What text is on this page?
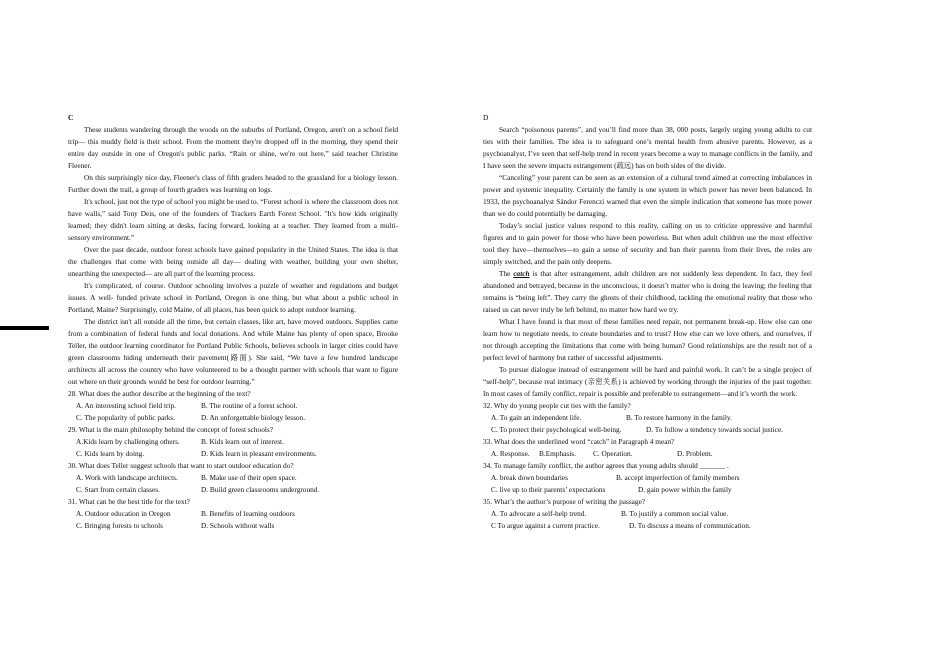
C

These students wandering through the woods on the suburbs of Portland, Oregon, aren't on a school field trip— this muddy field is their school. From the moment they're dropped off in the morning, they spend their entire day outside in one of Oregon's public parks. “Rain or shine, we're out here,” said teacher Christine Fleener.

On this surprisingly nice day, Fleener's class of fifth graders headed to the grassland for a biology lesson. Further down the trail, a group of fourth graders was learning on logs.

It's school, just not the type of school you might be used to. “Forest school is where the classroom does not have walls,” said Tony Deis, one of the founders of Trackers Earth Forest School. "It's how kids originally learned; they didn't learn sitting at desks, facing forward, looking at a teacher. They learned from a multi- sensory environment.”

Over the past decade, outdoor forest schools have gained popularity in the United States. The idea is that the challenges that come with being outside all day— dealing with weather, building your own shelter, unearthing the unexpected— are all part of the learning process.

It's complicated, of course. Outdoor schooling involves a puzzle of weather and regulations and budget issues. A well- funded private school in Portland, Oregon is one thing, but what about a public school in Portland, Maine? Surprisingly, cold Maine, of all places, has been quick to adopt outdoor learning.

The district isn't all outside all the time, but certain classes, like art, have moved outdoors. Supplies came from a combination of federal funds and local donations. And while Maine has plenty of open space, Brooke Teller, the outdoor learning coordinator for Portland Public Schools, believes schools in larger cities could have green classrooms hiding underneath their pavement(路面). She said, “We have a few hundred landscape architects all across the country who have volunteered to be a thought partner with schools that want to figure out where on their grounds would be best for outdoor learning.”

28. What does the author describe at the beginning of the text?

A. An interesting school field trip.	B. The routine of a forest school.

C. The popularity of public parks.	D. An unforgettable biology lesson.

29. What is the main philosophy behind the concept of forest schools?

A.Kids learn by challenging others.	B. Kids learn out of interest.

C. Kids learn by doing.	D. Kids learn in pleasant environments.

30. What does Teller suggest schools that want to start outdoor education do?

A. Work with landscape architects.	B. Make use of their open space.

C. Start from certain classes.	D. Build green classrooms underground.

31. What can be the best title for the text?

A. Outdoor education in Oregon	B. Benefits of learning outdoors

C. Bringing forests to schools	D. Schools without walls

D

Search “poisonous parents”, and you’ll find more than 38, 000 posts, largely urging young adults to cut ties with their families. The idea is to safeguard one’s mental health from abusive parents. However, as a psychoanalyst, I’ve seen that self-help trend in recent years become a way to manage conflicts in the family, and I have seen the severe impacts estrangement (疏远) has on both sides of the divide.

“Canceling” your parent can be seen as an extension of a cultural trend aimed at correcting imbalances in power and systemic inequality. Certainly the family is one system in which power has never been balanced. In 1933, the psychoanalyst Sándor Ferenczi warned that even the simple indication that someone has more power than we do could potentially be damaging.

Today’s social justice values respond to this reality, calling on us to criticize oppressive and harmful figures and to gain power for those who have been powerless. But when adult children use the most effective tool they have—themselves—to gain a sense of security and ban their parents from their lives, the roles are simply switched, and the pain only deepens.

The catch is that after estrangement, adult children are not suddenly less dependent. In fact, they feel abandoned and betrayed, because in the unconscious, it doesn’t matter who is doing the leaving; the feeling that remains is “being left”. They carry the ghosts of their childhood, tackling the emotional reality that those who raised us can never truly be left behind, no matter how hard we try.

What I have found is that most of these families need repair, not permanent break-up. How else can one learn how to negotiate needs, to create boundaries and to trust? How else can we love others, and ourselves, if not through accepting the limitations that come with being human? Good relationships are the result not of a perfect level of harmony but rather of successful adjustments.

To pursue dialogue instead of estrangement will be hard and painful work. It can’t be a single project of “self-help”, because real intimacy (亲密关系) is achieved by working through the injuries of the past together. In most cases of family conflict, repair is possible and preferable to estrangement—and it’s worth the work.

32. Why do young people cut ties with the family?

A. To gain an independent life.	B. To restore harmony in the family.

C. To protect their psychological well-being.	D. To follow a tendency towards social justice.

33. What does the underlined word “catch” in Paragraph 4 mean?

A. Response. B.Emphasis. C. Operation.	D. Problem.

34. To manage family conflict, the author agrees that young adults should _______ .

A. break down boundaries	B. accept imperfection of family members

C. live up to their parents’ expectations	D. gain power within the family

35. What’s the author’s purpose of writing the passage?

A. To advocate a self-help trend.	B. To justify a common social value.

C To argue against a current practice.	D. To discuss a means of communication.
